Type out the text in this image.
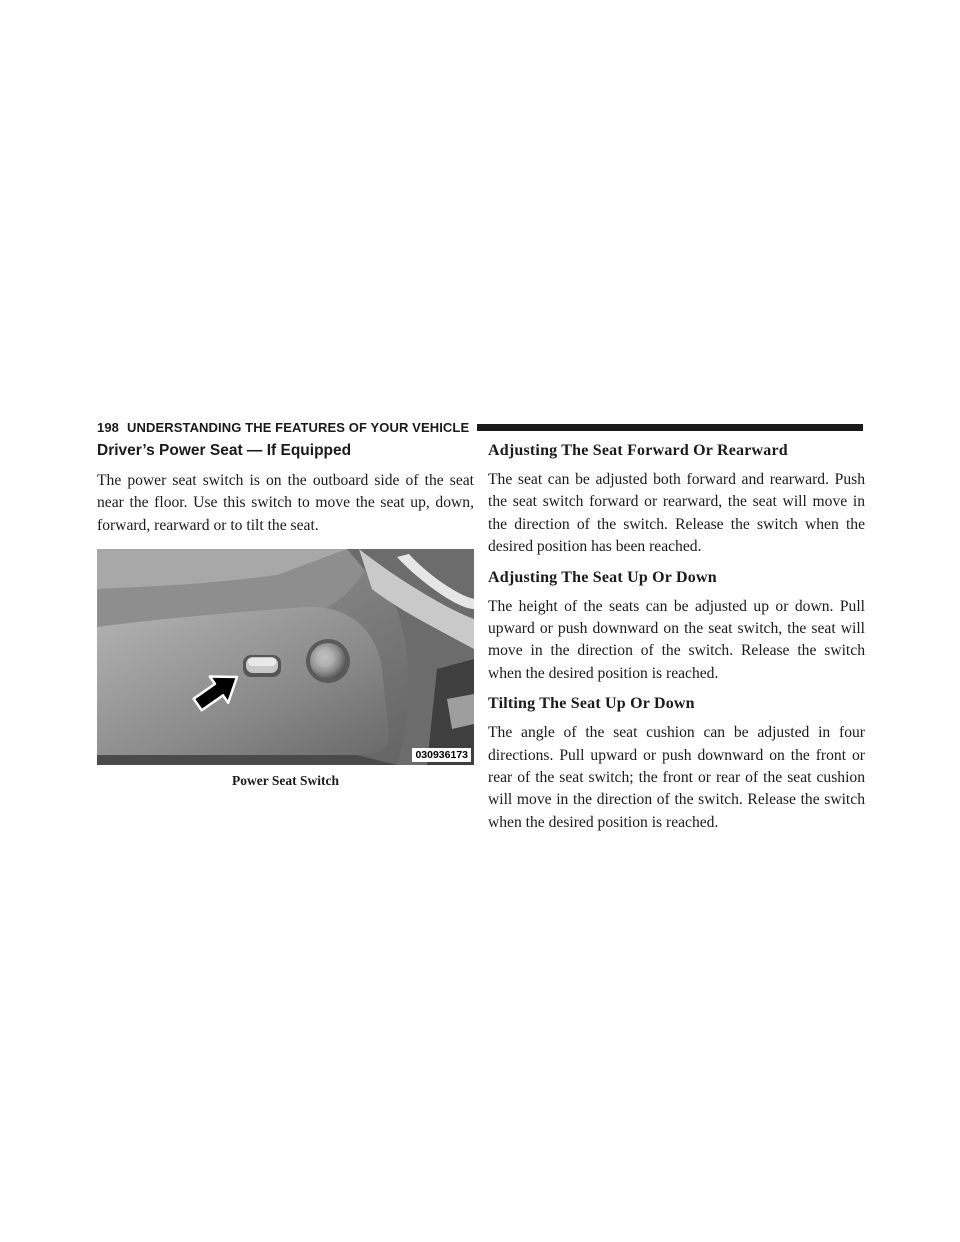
198 UNDERSTANDING THE FEATURES OF YOUR VEHICLE
Driver’s Power Seat — If Equipped

The power seat switch is on the outboard side of the seat near the floor. Use this switch to move the seat up, down, forward, rearward or to tilt the seat.

030936173
Power Seat Switch
Adjusting The Seat Forward Or Rearward

The seat can be adjusted both forward and rearward. Push the seat switch forward or rearward, the seat will move in the direction of the switch. Release the switch when the desired position has been reached.

Adjusting The Seat Up Or Down

The height of the seats can be adjusted up or down. Pull upward or push downward on the seat switch, the seat will move in the direction of the switch. Release the switch when the desired position is reached.

Tilting The Seat Up Or Down

The angle of the seat cushion can be adjusted in four directions. Pull upward or push downward on the front or rear of the seat switch; the front or rear of the seat cushion will move in the direction of the switch. Release the switch when the desired position is reached.
